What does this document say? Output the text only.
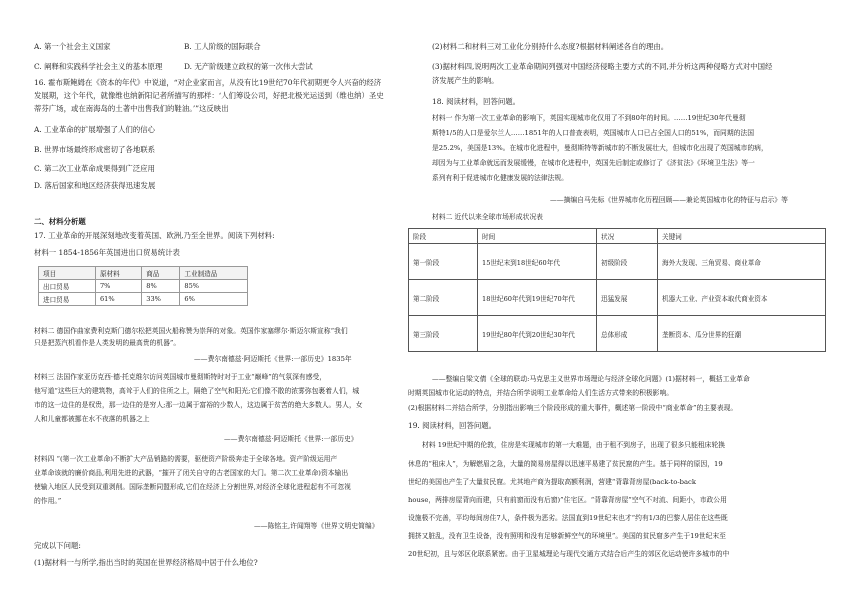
A. 第一个社会主义国家	B. 工人阶级的国际联合
C. 阐释和实践科学社会主义的基本原理	D. 无产阶级建立政权的第一次伟大尝试
16. 霍布斯鲍姆在《资本的年代》中说道，“对企业家而言，从没有比19世纪70年代初期更令人兴奋的经济
发展期，这个年代，就像维也纳新阳记者所描写的那样：‘人们筹设公司，好把北极光运送到（维也纳）圣史
蒂芬广场，或在南海岛的土著中出售我们的鞋油。’”这反映出
A. 工业革命的扩展增强了人们的信心
B. 世界市场最终形成密切了各地联系
C. 第二次工业革命成果得到广泛应用
D. 落后国家和地区经济获得迅速发展
二、材料分析题
17. 工业革命的开展深刻地改变着英国、欧洲,乃至全世界。阅读下列材料:
材料一 1854-1856年英国进出口贸易统计表
项目	原材料	商品	工业制造品
出口贸易	7%	8%	85%
进口贸易	61%	33%	6%
材料二 德国作曲家费利克斯门德尔松把英国火船称赞为崇拜的对象。英国作家塞缪尔·斯迈尔斯宣称“我们
只是把蒸汽机看作是人类发明的最高贵的机器”。
——费尔南德兹·阿迈斯托《世界:一部历史》1835年
材料三 法国作家亚历克西·德·托克维尔访问英国城市曼彻斯特时对于工业“巅峰”的气氛深有感受，
他写道“这些巨大的建筑物，高耸于人们的住所之上，隔绝了空气和阳光;它们像不散的浓雾弥包裹着人们，城
市的这一边住的是权贵，那一边住的是穷人;那一边属于富裕的少数人，这边属于贫苦的绝大多数人。男人，女
人和儿童都被挪在水不夜落的机器之上
——费尔南德兹·阿迈斯托《世界:一部历史》
材料四 “(第一次工业革命)不断扩大产品销路的需要，驱使资产阶级奔走于全球各地。资产阶级运用产
业革命该就的廉价商品,利用先进的武器，“摧开了闭关自守的古老国家的大门。第二次工业革命)资本输出
使输入地区人民受到双重剥削。国际垄断同盟形成,它们在经济上分割世界,对经济全球化进程起有不可忽视
的作用。”
——陈铭主,许闻翔等《世界文明史简编》
完成以下问题:
(1)据材料一与所学,指出当时的英国在世界经济格局中居于什么地位?
(2)材料二和材料三对工业化分别持什么态度?根据材料阐述各自的理由。
(3)据材料四,说明两次工业革命期间列强对中国经济侵略主要方式的不同,并分析这两种侵略方式对中国经
济发展产生的影响。
18. 阅读材料，回答问题。
材料一 作为第一次工业革命的影响下，英国实现城市化仅用了不到80年的时间。……19世纪30年代曼彻
斯特1/5的人口是爱尔兰人……1851年的人口普查表明，英国城市人口已占全国人口的51%，而同期的法国
是25.2%，美国是13%。在城市化进程中，曼彻斯特等新城市的不断发展壮大，但城市化出现了英国城市的病，
却因为与工业革命就远而发展缓慢，在城市化进程中，英国先后制定或修订了《济贫法》《环境卫生法》等一
系列有利于促进城市化健康发展的法律法规。
——摘编自马先标《世界城市化历程回顾——兼论英国城市化的特征与启示》等
材料二 近代以来全球市场形成状况表
阶段	时间	状况	关键词
第一阶段	15世纪末到18世纪60年代	初级阶段	海外大发现、三角贸易、商业革命
第二阶段	18世纪60年代到19世纪70年代	迅猛发展	机器大工业、产业资本取代商业资本
第三阶段	19世纪80年代到20世纪30年代	总体形成	垄断资本、瓜分世界的狂潮
——整编自梁文倩《全球的联动:马克思主义世界市场理论与经济全球化问题》(1)据材料一，概括工业革命
时期英国城市化运动的特点，并结合所学说明工业革命给人们生活方式带来的积极影响。
(2)根据材料二并结合所学，分别指出影响三个阶段形成的重大事件，概述第一阶段中“商业革命”的主要表现。
19. 阅读材料，回答问题。
材料 19世纪中期的伦敦，住房是实现城市的第一大难题，由于租不到房子，出现了很多只能租床轮换
休息的“租床人”，为解燃眉之急，大量的简易房屋得以迅速平易建了贫民窟的产生。基于同样的原因，19
世纪的美国也产生了大量贫民窟。尤其地产商为提取高额利润，营建“背靠背房屋(back-to-back
house，两排房屋背向而建，只有前窗而没有后窗)”住宅区。“背靠背房屋”空气不对流、间距小，市政公用
设施极不完善，平均每间房住7人，条件极为恶劣。法国直到19世纪末也才“约有1/3的巴黎人居住在这些既
拥挤又脏乱，没有卫生设备，没有照明和没有足够新鲜空气的环境里”。美国的贫民窟多产生于19世纪末至
20世纪初，且与郊区化联系紧密。由于卫星城理论与现代交通方式结合后产生的郊区化运动使许多城市的中
